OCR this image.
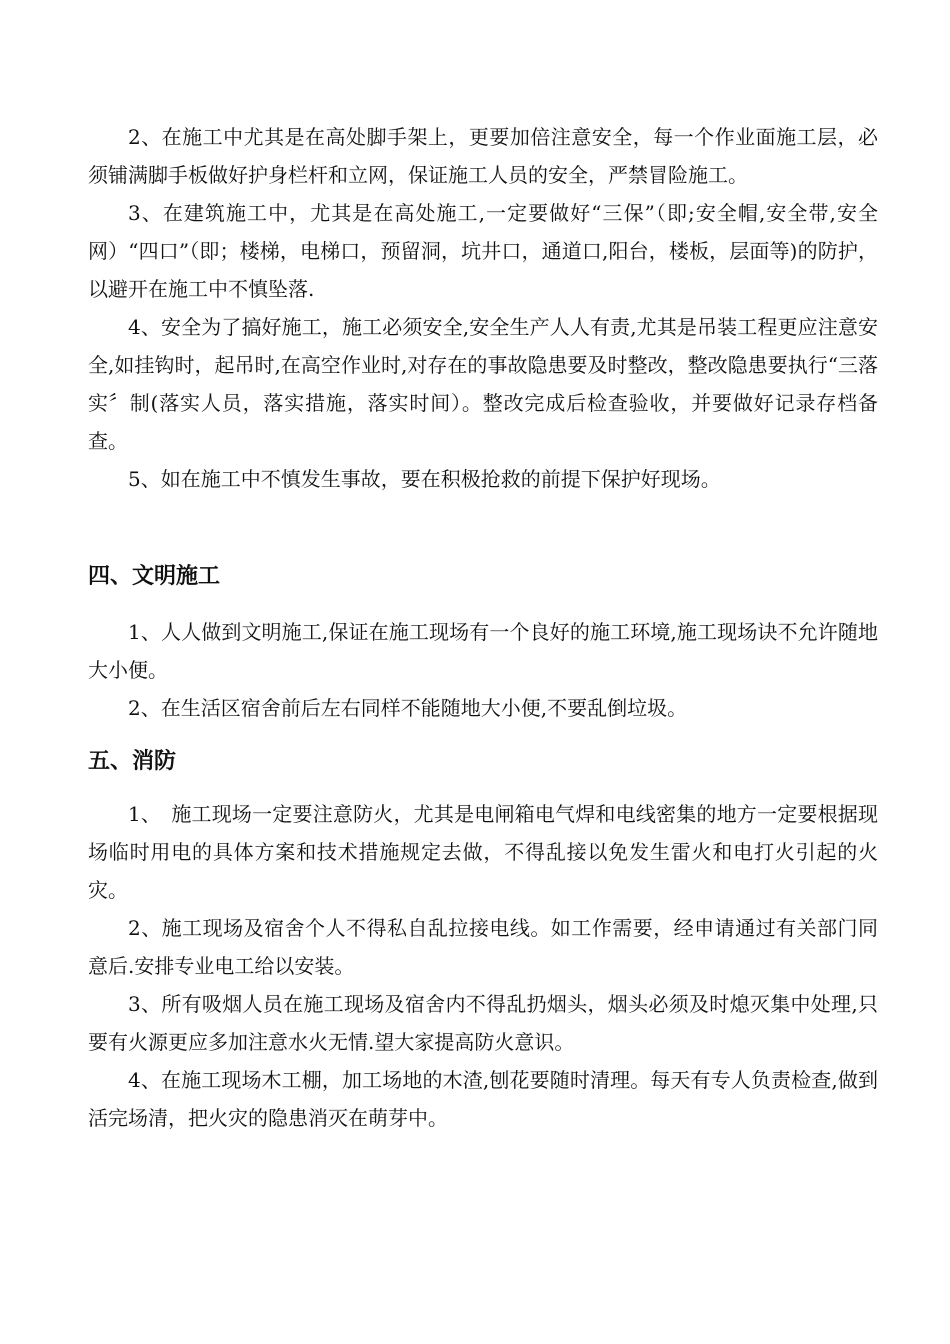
2、在施工中尤其是在高处脚手架上，更要加倍注意安全，每一个作业面施工层，必须铺满脚手板做好护身栏杆和立网，保证施工人员的安全，严禁冒险施工。

3、在建筑施工中，尤其是在高处施工,一定要做好“三保”（即;安全帽,安全带,安全网）“四口”（即；楼梯，电梯口，预留洞，坑井口，通道口,阳台，楼板，层面等)的防护，以避开在施工中不慎坠落.

4、安全为了搞好施工，施工必须安全,安全生产人人有责,尤其是吊装工程更应注意安全,如挂钩时，起吊时,在高空作业时,对存在的事故隐患要及时整改，整改隐患要执行“三落实〞制(落实人员，落实措施，落实时间）。整改完成后检查验收，并要做好记录存档备查。

5、如在施工中不慎发生事故，要在积极抢救的前提下保护好现场。

四、文明施工

1、人人做到文明施工,保证在施工现场有一个良好的施工环境,施工现场诀不允许随地大小便。

2、在生活区宿舍前后左右同样不能随地大小便,不要乱倒垃圾。

五、消防

1、　施工现场一定要注意防火，尤其是电闸箱电气焊和电线密集的地方一定要根据现场临时用电的具体方案和技术措施规定去做，不得乱接以免发生雷火和电打火引起的火灾。

2、施工现场及宿舍个人不得私自乱拉接电线。如工作需要，经申请通过有关部门同意后.安排专业电工给以安装。

3、所有吸烟人员在施工现场及宿舍内不得乱扔烟头，烟头必须及时熄灭集中处理,只要有火源更应多加注意水火无情.望大家提高防火意识。

4、在施工现场木工棚，加工场地的木渣,刨花要随时清理。每天有专人负责检查,做到活完场清，把火灾的隐患消灭在萌芽中。
